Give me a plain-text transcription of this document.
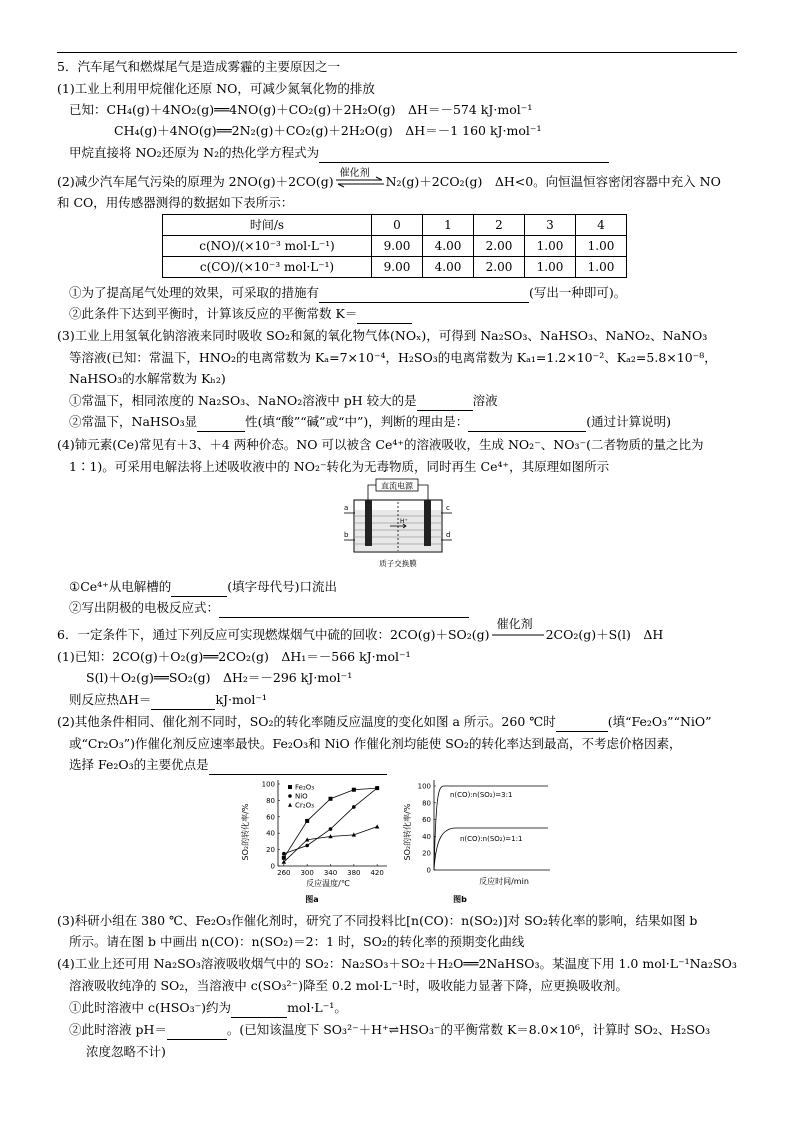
5．汽车尾气和燃煤尾气是造成雾霾的主要原因之一
(1)工业上利用甲烷催化还原 NO，可减少氮氧化物的排放
已知：CH₄(g)＋4NO₂(g)══4NO(g)＋CO₂(g)＋2H₂O(g)　ΔH＝－574 kJ·mol⁻¹
CH₄(g)＋4NO(g)══2N₂(g)＋CO₂(g)＋2H₂O(g)　ΔH＝－1 160 kJ·mol⁻¹
甲烷直接将 NO₂还原为 N₂的热化学方程式为
(2)减少汽车尾气污染的原理为 2NO(g)＋2CO(g)
催化剂
N₂(g)＋2CO₂(g)　ΔH<0。向恒温恒容密闭容器中充入 NO
和 CO，用传感器测得的数据如下表所示：
时间/s	0	1	2	3	4
c(NO)/(×10⁻³ mol·L⁻¹)	9.00	4.00	2.00	1.00	1.00
c(CO)/(×10⁻³ mol·L⁻¹)	9.00	4.00	2.00	1.00	1.00
①为了提高尾气处理的效果，可采取的措施有	(写出一种即可)。
②此条件下达到平衡时，计算该反应的平衡常数 K＝
(3)工业上用氢氧化钠溶液来同时吸收 SO₂和氮的氧化物气体(NOₓ)，可得到 Na₂SO₃、NaHSO₃、NaNO₂、NaNO₃
等溶液(已知：常温下，HNO₂的电离常数为 Kₐ=7×10⁻⁴，H₂SO₃的电离常数为 Kₐ₁=1.2×10⁻²、Kₐ₂=5.8×10⁻⁸，
NaHSO₃的水解常数为 Kₕ₂)
①常温下，相同浓度的 Na₂SO₃、NaNO₂溶液中 pH 较大的是	溶液
②常温下，NaHSO₃显	性(填“酸”“碱”或“中”)，判断的理由是：	(通过计算说明)
(4)铈元素(Ce)常见有＋3、＋4 两种价态。NO 可以被含 Ce⁴⁺的溶液吸收，生成 NO₂⁻、NO₃⁻(二者物质的量之比为
1∶1)。可采用电解法将上述吸收液中的 NO₂⁻转化为无毒物质，同时再生 Ce⁴⁺，其原理如图所示
直流电源
H⁺
a
b
c
d
质子交换膜
①Ce⁴⁺从电解槽的	(填字母代号)口流出
②写出阴极的电极反应式：
6．一定条件下，通过下列反应可实现燃煤烟气中硫的回收：2CO(g)＋SO₂(g)
催化剂
2CO₂(g)＋S(l)　ΔH
(1)已知：2CO(g)＋O₂(g)══2CO₂(g)　ΔH₁＝－566 kJ·mol⁻¹
S(l)＋O₂(g)══SO₂(g)　ΔH₂＝－296 kJ·mol⁻¹
则反应热ΔH＝	kJ·mol⁻¹
(2)其他条件相同、催化剂不同时，SO₂的转化率随反应温度的变化如图 a 所示。260 ℃时	(填“Fe₂O₃”“NiO”
或“Cr₂O₃”)作催化剂反应速率最快。Fe₂O₃和 NiO 作催化剂均能使 SO₂的转化率达到最高，不考虑价格因素，
选择 Fe₂O₃的主要优点是
SO₂的转化率/%
反应温度/℃
图a
0
20
40
60
80
100
260 300 340 380 420
Fe₂O₃
NiO
Cr₂O₃	SO₂的转化率/%
反应时间/min
图b
0
20
40
60
80
100
n(CO):n(SO₂)=3:1
n(CO):n(SO₂)=1:1
(3)科研小组在 380 ℃、Fe₂O₃作催化剂时，研究了不同投料比[n(CO)：n(SO₂)]对 SO₂转化率的影响，结果如图 b
所示。请在图 b 中画出 n(CO)：n(SO₂)＝2：1 时，SO₂的转化率的预期变化曲线
(4)工业上还可用 Na₂SO₃溶液吸收烟气中的 SO₂：Na₂SO₃＋SO₂＋H₂O══2NaHSO₃。某温度下用 1.0 mol·L⁻¹Na₂SO₃
溶液吸收纯净的 SO₂，当溶液中 c(SO₃²⁻)降至 0.2 mol·L⁻¹时，吸收能力显著下降，应更换吸收剂。
①此时溶液中 c(HSO₃⁻)约为	mol·L⁻¹。
②此时溶液 pH＝	。(已知该温度下 SO₃²⁻＋H⁺⇌HSO₃⁻的平衡常数 K＝8.0×10⁶，计算时 SO₂、H₂SO₃
浓度忽略不计)
